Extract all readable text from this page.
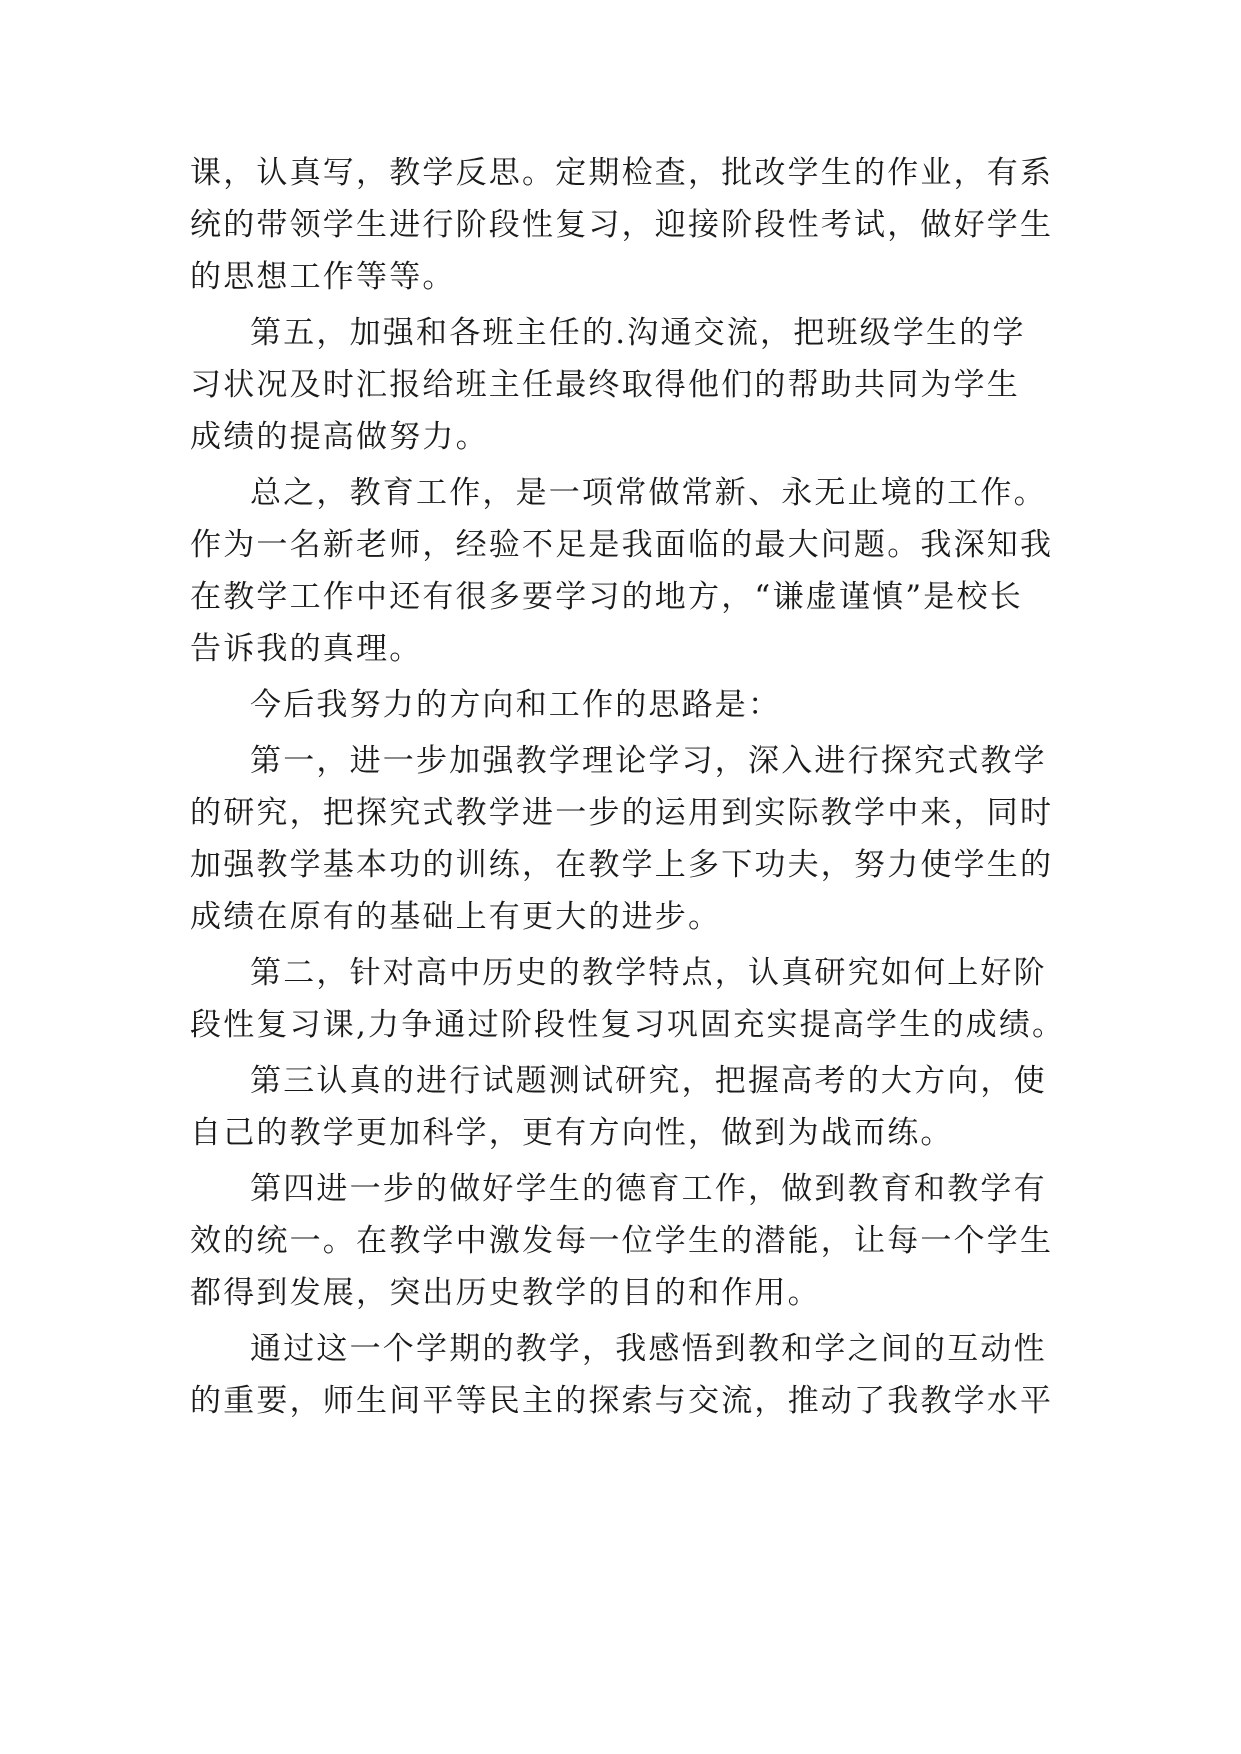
课，认真写，教学反思。定期检查，批改学生的作业，有系
统的带领学生进行阶段性复习，迎接阶段性考试，做好学生
的思想工作等等。
第五，加强和各班主任的.沟通交流，把班级学生的学
习状况及时汇报给班主任最终取得他们的帮助共同为学生
成绩的提高做努力。
总之，教育工作，是一项常做常新、永无止境的工作。
作为一名新老师，经验不足是我面临的最大问题。我深知我
在教学工作中还有很多要学习的地方，“谦虚谨慎”是校长
告诉我的真理。
今后我努力的方向和工作的思路是：
第一，进一步加强教学理论学习，深入进行探究式教学
的研究，把探究式教学进一步的运用到实际教学中来，同时
加强教学基本功的训练，在教学上多下功夫，努力使学生的
成绩在原有的基础上有更大的进步。
第二，针对高中历史的教学特点，认真研究如何上好阶
段性复习课,力争通过阶段性复习巩固充实提高学生的成绩。
第三认真的进行试题测试研究，把握高考的大方向，使
自己的教学更加科学，更有方向性，做到为战而练。
第四进一步的做好学生的德育工作，做到教育和教学有
效的统一。在教学中激发每一位学生的潜能，让每一个学生
都得到发展，突出历史教学的目的和作用。
通过这一个学期的教学，我感悟到教和学之间的互动性
的重要，师生间平等民主的探索与交流，推动了我教学水平
